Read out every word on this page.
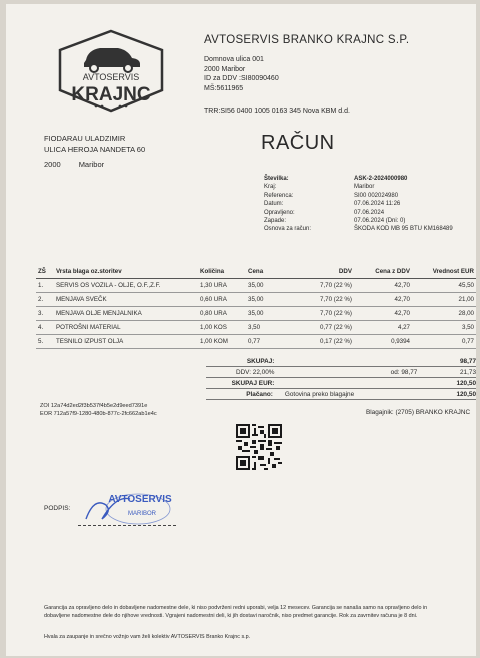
AVTOSERVIS
KRAJNC
AVTOSERVIS BRANKO KRAJNC S.P.
Domnova ulica 001
2000 Maribor
ID za DDV :SI80090460
MŠ:5611965
TRR:SI56 0400 1005 0163 345 Nova KBM d.d.
FIODARAU ULADZIMIR
ULICA HEROJA NANDETA 60
2000 Maribor
RAČUN
Številka:	ASK-2-2024000980
Kraj:	Maribor
Referenca:	SI00 002024980
Datum:	07.06.2024 11:26
Opravljeno:	07.06.2024
Zapade:	07.06.2024 (Dni: 0)
Osnova za račun:	ŠKODA KOD MB 95 BTU KM168489
ZŠ	Vrsta blaga oz.storitev	Količina	Cena	DDV	Cena z DDV	Vrednost EUR
1.	SERVIS OS VOZILA - OLJE, O.F.,Z.F.	1,30 URA	35,00	7,70 (22 %)	42,70	45,50
2.	MENJAVA SVEČK	0,60 URA	35,00	7,70 (22 %)	42,70	21,00
3.	MENJAVA OLJE MENJALNIKA	0,80 URA	35,00	7,70 (22 %)	42,70	28,00
4.	POTROŠNI MATERIAL	1,00 KOS	3,50	0,77 (22 %)	4,27	3,50
5.	TESNILO IZPUST OLJA	1,00 KOM	0,77	0,17 (22 %)	0,9394	0,77
SKUPAJ:	98,77
DDV: 22,00%	od: 98,77	21,73
SKUPAJ EUR:	120,50
Plačano:	Gotovina preko blagajne	120,50
ZOI 12a74d2ed2f3b537f4b5e2d9eed7391e
EOR 712a57f9-1280-480b-877c-2fc662ab1e4c	Blagajnik: (2705) BRANKO KRAJNC
PODPIS:
AVTOSERVIS
MARIBOR
Garancija za opravljeno delo in dobavljene nadomestne dele, ki niso podvrženi redni uporabi, velja 12 mesecev. Garancija se nanaša samo na opravljeno delo in dobavljene nadomestne dele do njihove vrednosti. Vgrajeni nadomestni deli, ki jih dostavi naročnik, niso predmet garancije. Rok za zavrnitev računa je 8 dni.
Hvala za zaupanje in srečno vožnjo vam želi kolektiv AVTOSERVIS Branko Krajnc s.p.
